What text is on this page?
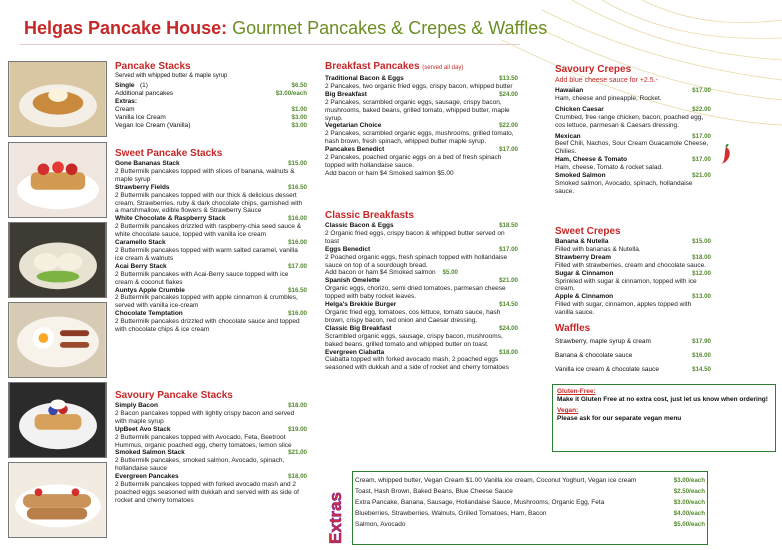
Helgas Pancake House: Gourmet Pancakes & Crepes & Waffles
Pancake Stacks
Served with whipped butter & maple syrup
Single (1)	$6.50
Additional pancakes	$3.00/each
Extras:
Cream	$1.00
Vanilla Ice Cream	$3.00
Vegan Ice Cream (Vanilla)	$3.00
Sweet Pancake Stacks
Gone Bananas Stack	$15.00
2 Buttermilk pancakes topped with slices of banana, walnuts & maple syrup
Strawberry Fields	$16.50
2 Buttermilk pancakes topped with our thick & delicious dessert cream, Strawberries, ruby & dark chocolate chips, garnished with a marshmallow, edible flowers & Strawberry Sauce
White Chocolate & Raspberry Stack	$16.00
2 Buttermilk pancakes drizzled with raspberry-chia seed sauce & white chocolate sauce, topped with vanilla ice cream
Caramello Stack	$16.00
2 Buttermilk pancakes topped with warm salted caramel, vanilla ice cream & walnuts
Acai Berry Stack	$17.00
2 Buttermilk pancakes with Acai-Berry sauce topped with ice cream & coconut flakes
Auntys Apple Crumble	$16.50
2 Buttermilk pancakes topped with apple cinnamon & crumbles, served with vanilla ice-cream
Chocolate Temptation	$16.00
2 Buttermilk pancakes drizzled with chocolate sauce and topped with chocolate chips & ice cream
Savoury Pancake Stacks
Simply Bacon	$18.00
2 Bacon pancakes topped with lightly crispy bacon and served with maple syrup
UpBeet Avo Stack	$19.00
2 Buttermilk pancakes topped with Avocado, Feta, Beetroot Hummus, organic poached egg, cherry tomatoes, lemon slice
Smoked Salmon Stack	$21.00
2 Buttermilk pancakes, smoked salmon, Avocado, spinach, hollandaise sauce
Evergreen Pancakes	$18.00
2 Buttermilk pancakes topped with forked avocado mash and 2 poached eggs seasoned with dukkah and served with as side of rocket and cherry tomatoes
Breakfast Pancakes (served all day)
Traditional Bacon & Eggs	$13.50
2 Pancakes, two organic fried eggs, crispy bacon, whipped butter
Big Breakfast	$24.00
2 Pancakes, scrambled organic eggs, sausage, crispy bacon, mushrooms, baked beans, grilled tomato, whipped butter, maple syrup.
Vegetarian Choice	$22.00
2 Pancakes, scrambled organic eggs, mushrooms, grilled tomato, hash brown, fresh spinach, whipped butter maple syrup.
Pancakes Benedict	$17.00
2 Pancakes, poached organic eggs on a bed of fresh spinach topped with hollandaise sauce.
Add bacon or ham $4 Smoked salmon $5.00
Classic Breakfasts
Classic Bacon & Eggs	$18.50
2 Organic fried eggs, crispy bacon & whipped butter served on toast
Eggs Benedict	$17.00
2 Poached organic eggs, fresh spinach topped with hollandaise sauce on top of a sourdough bread.
Add bacon or ham $4 Smoked salmon $5.00
Spanish Omelette	$21.00
Organic eggs, chorizo, semi dried tomatoes, parmesan cheese topped with baby rocket leaves.
Helga's Brekkie Burger	$14.50
Organic fried egg, tomatoes, cos lettuce, tomato sauce, hash brown, crispy bacon, red onion and Caesar dressing,
Classic Big Breakfast	$24.00
Scrambled organic eggs, sausage, crispy bacon, mushrooms, baked beans, grilled tomato and whipped butter on toast.
Evergreen Ciabatta	$18.00
Ciabatta topped with forked avocado mash, 2 poached eggs seasoned with dukkah and a side of rocket and cherry tomatoes
Savoury Crepes
Add blue cheese sauce for +2.5.-
Hawaiian	$17.00
Ham, cheese and pineapple, Rocket.
Chicken Caesar	$22.00
Crumbed, free range chicken, bacon, poached egg, cos lettuce, parmesan & Caesars dressing.
Mexican	$17.00
Beef Chili, Nachos, Sour Cream Guacamole Cheese, Chilies.
Ham, Cheese & Tomato	$17.00
Ham, cheese, Tomato & rocket salad.
Smoked Salmon	$21.00
Smoked salmon, Avocado, spinach, hollandaise sauce.
Sweet Crepes
Banana & Nutella	$15.00
Filled with bananas & Nutella.
Strawberry Dream	$18.00
Filled with strawberries, cream and chocolate sauce.
Sugar & Cinnamon	$12.00
Sprinkled with sugar & cinnamon, topped with ice cream.
Apple & Cinnamon	$13.00
Filled with sugar, cinnamon, apples topped with vanilla sauce.
Waffles
Strawberry, maple syrup & cream	$17.90
Banana & chocolate sauce	$16.00
Vanilla ice cream & chocolate sauce	$14.50
Gluten-Free:
Make it Gluten Free at no extra cost, just let us know when ordering!
Vegan:
Please ask for our separate vegan menu
Extras
Cream, whipped butter, Vegan Cream $1.00 Vanilla ice cream, Coconut Yoghurt, Vegan ice cream	$3.00/each
Toast, Hash Brown, Baked Beans, Blue Cheese Sauce	$2.50/each
Extra Pancake, Banana, Sausage, Hollandaise Sauce, Mushrooms, Organic Egg, Feta	$3.00/each
Blueberries, Strawberries, Walnuts, Grilled Tomatoes, Ham, Bacon	$4.00/each
Salmon, Avocado	$5.00/each
